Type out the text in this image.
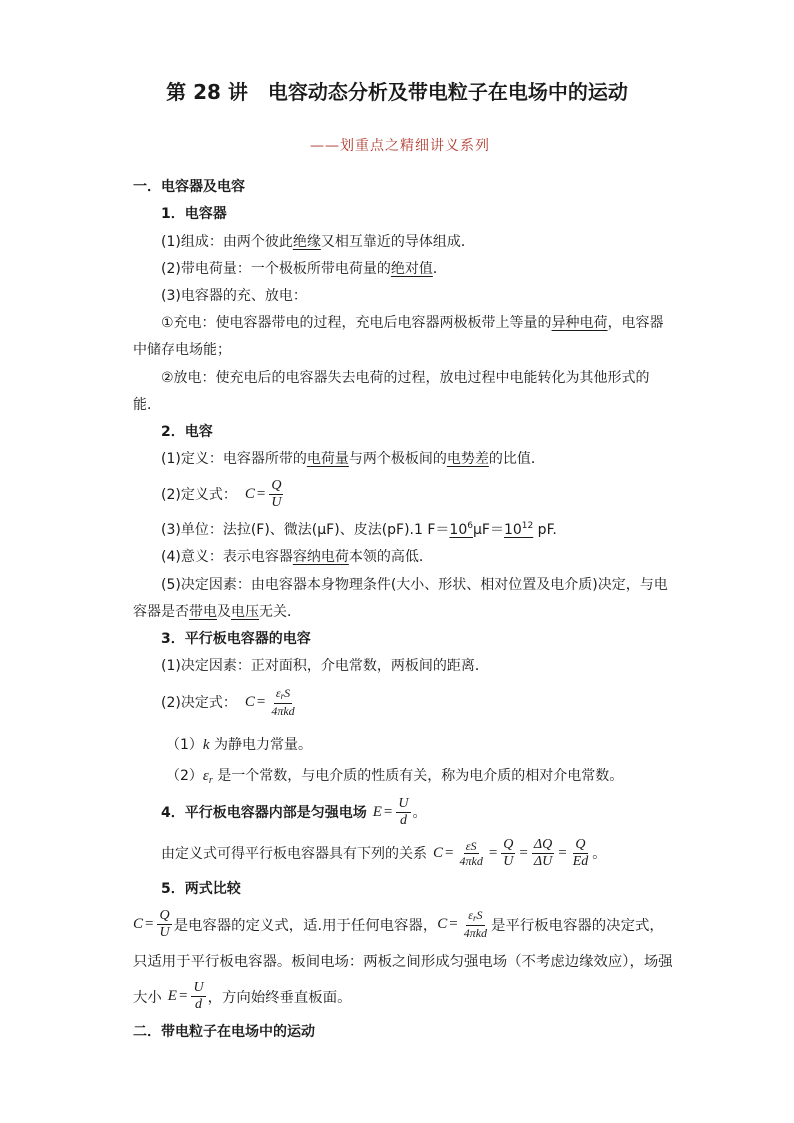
第 28 讲　电容动态分析及带电粒子在电场中的运动
——划重点之精细讲义系列
一．电容器及电容
1．电容器
(1)组成：由两个彼此绝缘又相互靠近的导体组成．
(2)带电荷量：一个极板所带电荷量的绝对值．
(3)电容器的充、放电：
①充电：使电容器带电的过程，充电后电容器两极板带上等量的异种电荷，电容器
中储存电场能；
②放电：使充电后的电容器失去电荷的过程，放电过程中电能转化为其他形式的
能．
2．电容
(1)定义：电容器所带的电荷量与两个极板间的电势差的比值．
(2)定义式： $C = \frac{Q}{U}$
(3)单位：法拉(F)、微法(μF)、皮法(pF).1 $F=10^6\mu F=10^{12}$ pF.
(4)意义：表示电容器容纳电荷本领的高低．
(5)决定因素：由电容器本身物理条件(大小、形状、相对位置及电介质)决定，与电
容器是否带电及电压无关．
3．平行板电容器的电容
(1)决定因素：正对面积，介电常数，两板间的距离．
(2)决定式： $C = \frac{\text{εrS}}{\text{4πkd}}$
（1）k 为静电力常量。
$(2)\varepsilon_r$ 是一个常数，与电介质的性质有关，称为电介质的相对介电常数。
4．平行板电容器内部是匀强电场 $E = \frac{U}{d}$ 。
由定义式可得平行板电容器具有下列的关系 $C = \frac{\varepsilon S}{\text{4πkd}} = \frac{Q}{U} = \frac{\Delta Q}{\Delta U} = \frac{Q}{Ed}$ 。
5．两式比较
$C = \frac{Q}{U}$ 是电容器的定义式，适.用于任何电容器， $C = \frac{\text{εrS}}{\text{4πkd}}$ 是平行板电容器的决定式，
只适用于平行板电容器。板间电场：两板之间形成匀强电场（不考虑边缘效应），场强
大小 $E = \frac{U}{d}$ ，方向始终垂直板面。
二．带电粒子在电场中的运动
